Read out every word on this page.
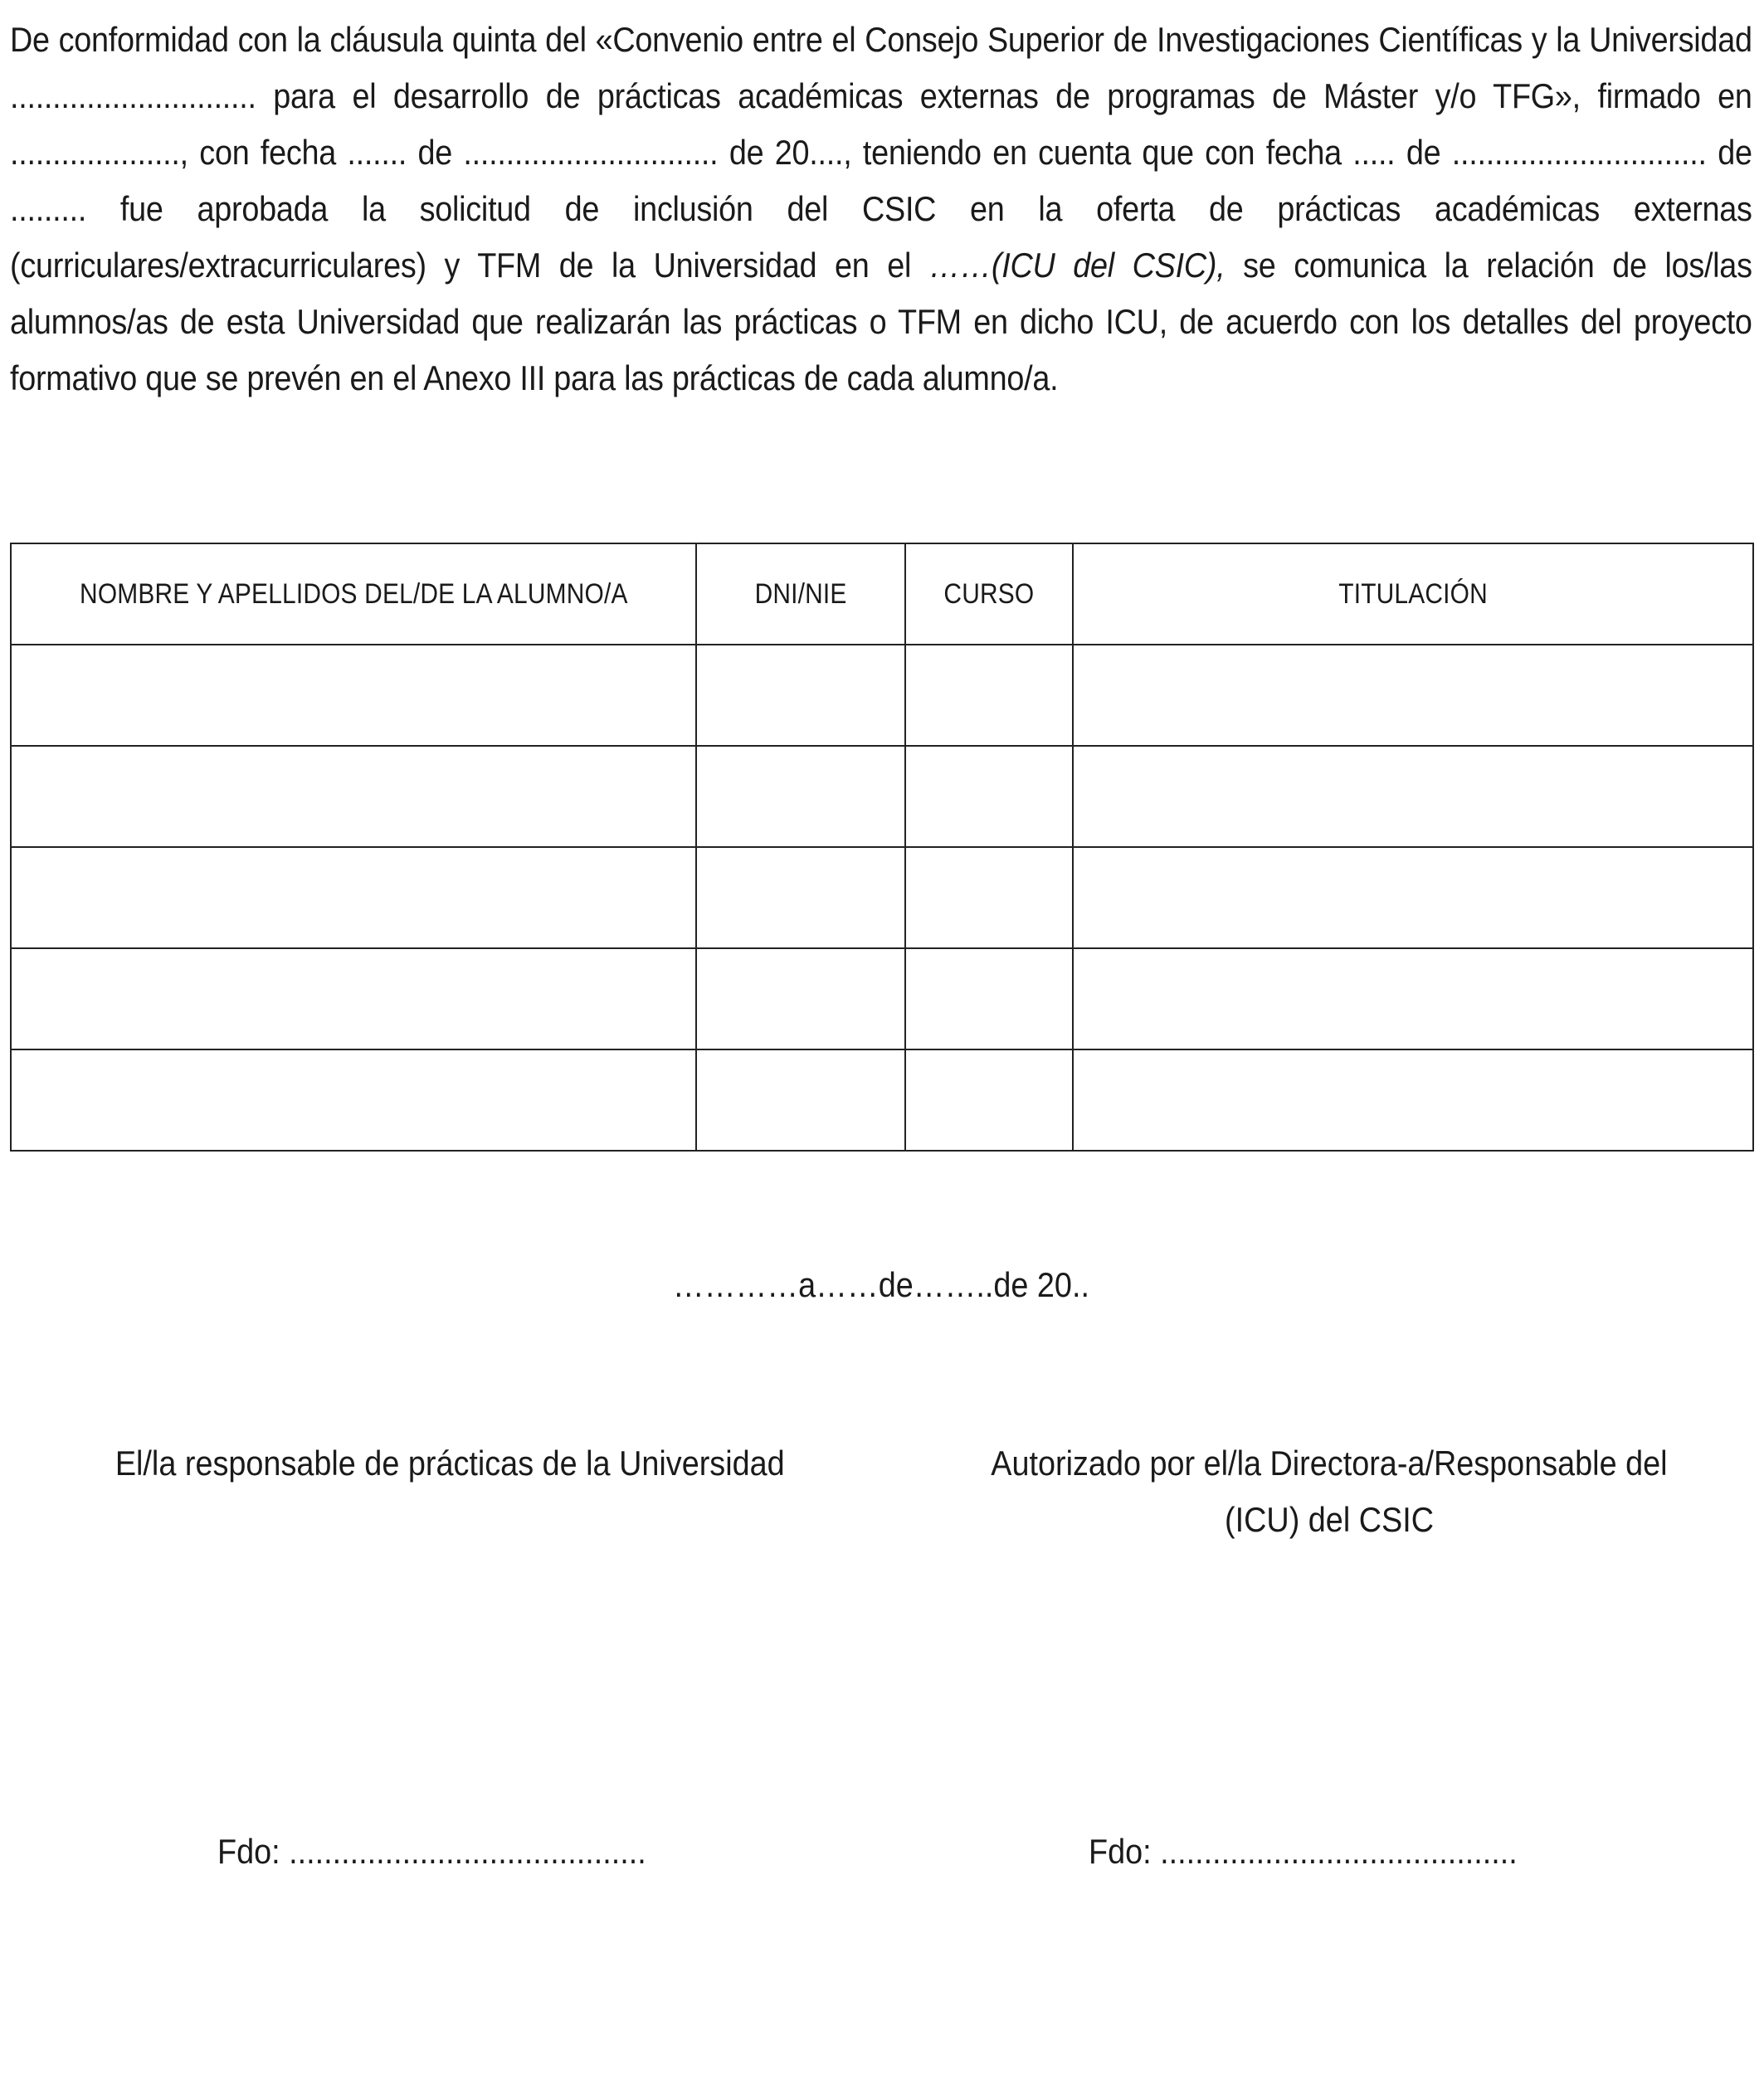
De conformidad con la cláusula quinta del «Convenio entre el Consejo Superior de Investigaciones Científicas y la Universidad ............................. para el desarrollo de prácticas académicas externas de programas de Máster y/o TFG», firmado en ...................., con fecha ....... de .............................. de 20...., teniendo en cuenta que con fecha ..... de .............................. de ......... fue aprobada la solicitud de inclusión del CSIC en la oferta de prácticas académicas externas (curriculares/extracurriculares) y TFM de la Universidad en el ……(ICU del CSIC), se comunica la relación de los/las alumnos/as de esta Universidad que realizarán las prácticas o TFM en dicho ICU, de acuerdo con los detalles del proyecto formativo que se prevén en el Anexo III para las prácticas de cada alumno/a.

NOMBRE Y APELLIDOS DEL/DE LA ALUMNO/A	DNI/NIE	CURSO	TITULACIÓN

…………a……de……..de 20..
El/la responsable de prácticas de la Universidad	Autorizado por el/la Directora-a/Responsable del
(ICU) del CSIC
Fdo: .........................................	Fdo: .........................................
